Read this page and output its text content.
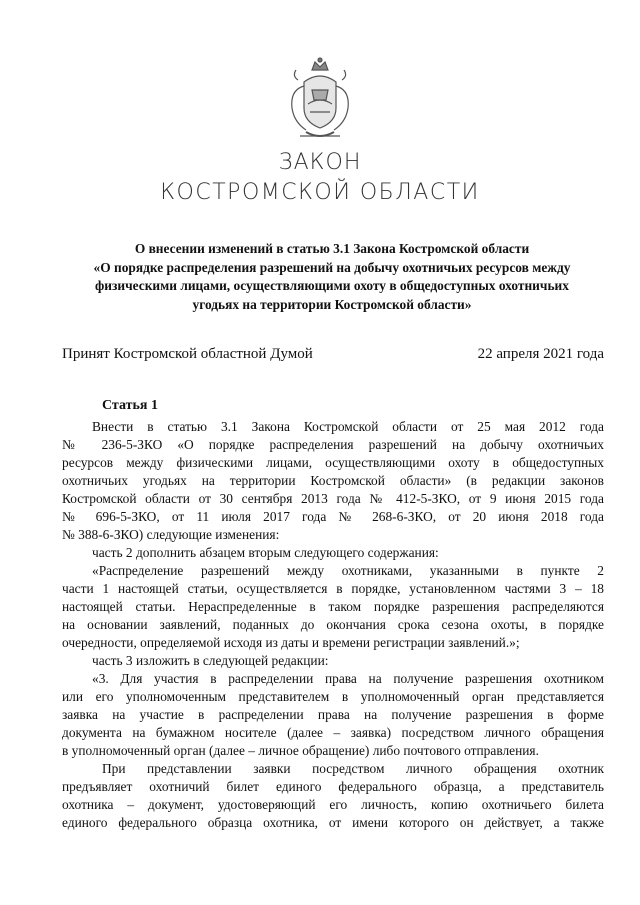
ЗАКОН
КОСТРОМСКОЙ ОБЛАСТИ
О внесении изменений в статью 3.1 Закона Костромской области
«О порядке распределения разрешений на добычу охотничьих ресурсов между
физическими лицами, осуществляющими охоту в общедоступных охотничьих
угодьях на территории Костромской области»
Принят Костромской областной Думой	22 апреля 2021 года
Статья 1
Внести в статью 3.1 Закона Костромской области от 25 мая 2012 года
№ 236-5-ЗКО «О порядке распределения разрешений на добычу охотничьих
ресурсов между физическими лицами, осуществляющими охоту в общедоступных
охотничьих угодьях на территории Костромской области» (в редакции законов
Костромской области от 30 сентября 2013 года № 412-5-ЗКО, от 9 июня 2015 года
№ 696-5-ЗКО, от 11 июля 2017 года № 268-6-ЗКО, от 20 июня 2018 года
№ 388-6-ЗКО) следующие изменения:
часть 2 дополнить абзацем вторым следующего содержания:
«Распределение разрешений между охотниками, указанными в пункте 2
части 1 настоящей статьи, осуществляется в порядке, установленном частями 3 – 18
настоящей статьи. Нераспределенные в таком порядке разрешения распределяются
на основании заявлений, поданных до окончания срока сезона охоты, в порядке
очередности, определяемой исходя из даты и времени регистрации заявлений.»;
часть 3 изложить в следующей редакции:
«3. Для участия в распределении права на получение разрешения охотником
или его уполномоченным представителем в уполномоченный орган представляется
заявка на участие в распределении права на получение разрешения в форме
документа на бумажном носителе (далее – заявка) посредством личного обращения
в уполномоченный орган (далее – личное обращение) либо почтового отправления.
При представлении заявки посредством личного обращения охотник
предъявляет охотничий билет единого федерального образца, а представитель
охотника – документ, удостоверяющий его личность, копию охотничьего билета
единого федерального образца охотника, от имени которого он действует, а также
